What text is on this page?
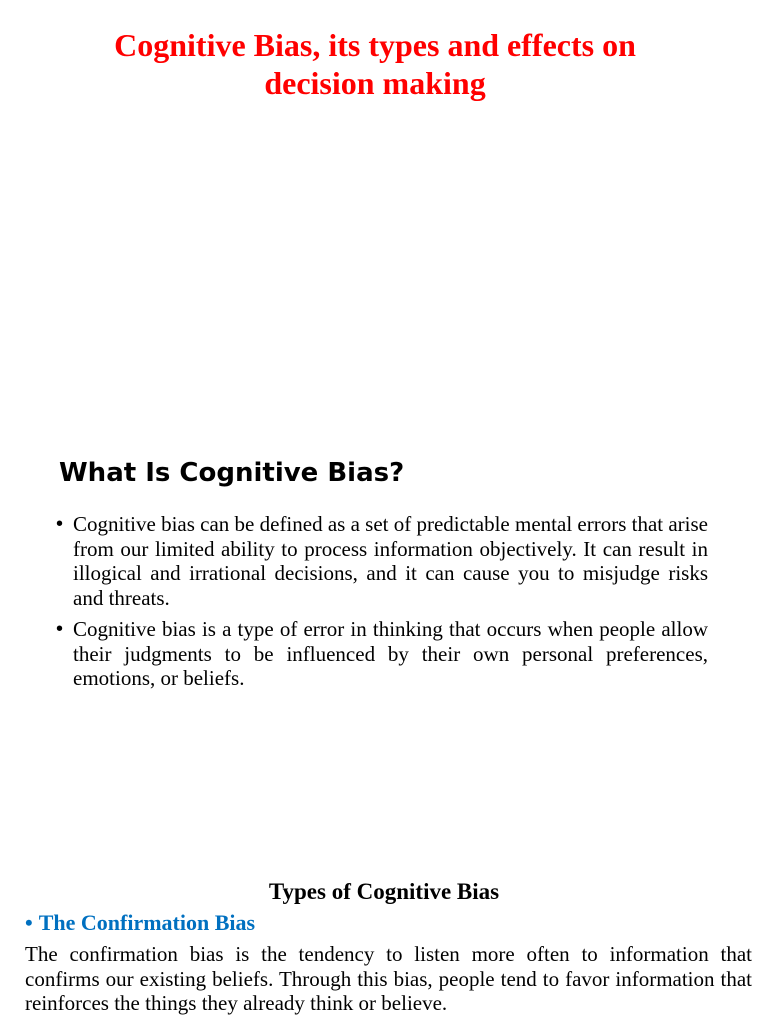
Cognitive Bias, its types and effects on decision making
What Is Cognitive Bias?
• Cognitive bias can be defined as a set of predictable mental errors that arise from our limited ability to process information objectively. It can result in illogical and irrational decisions, and it can cause you to misjudge risks and threats.
• Cognitive bias is a type of error in thinking that occurs when people allow their judgments to be influenced by their own personal preferences, emotions, or beliefs.
Types of Cognitive Bias

• The Confirmation Bias

The confirmation bias is the tendency to listen more often to information that confirms our existing beliefs. Through this bias, people tend to favor information that reinforces the things they already think or believe.
